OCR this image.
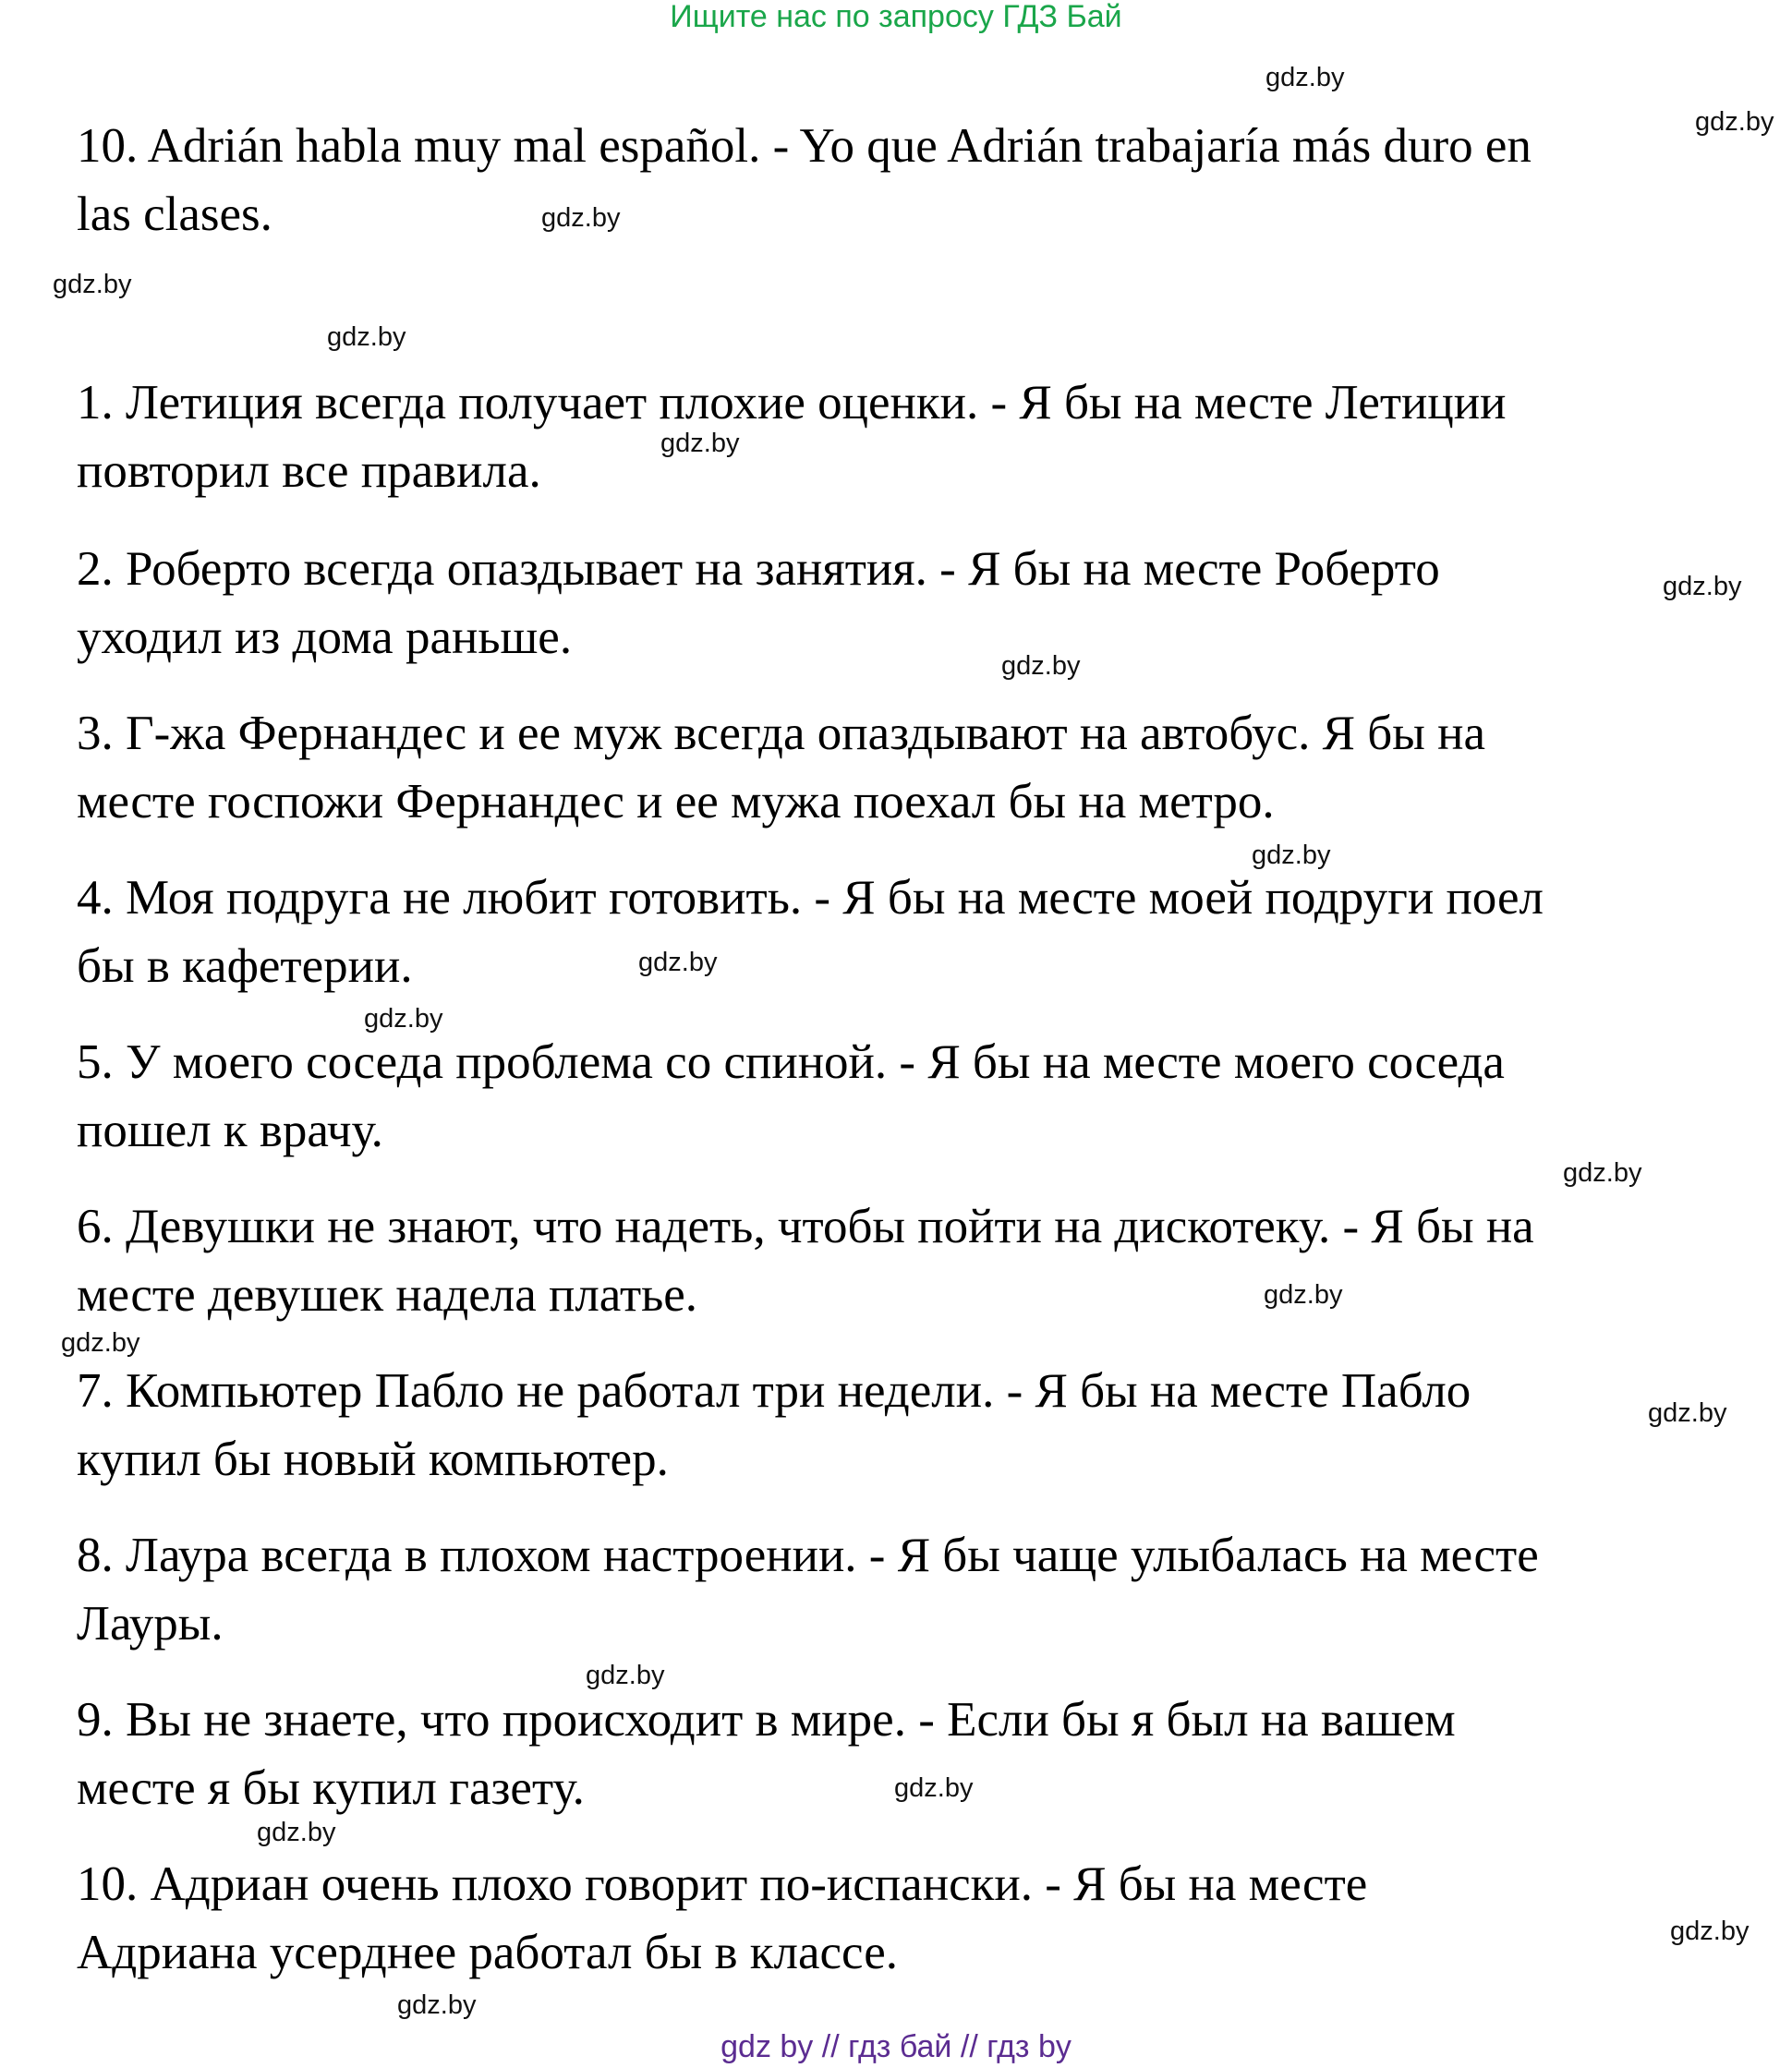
Ищите нас по запросу ГДЗ Бай
10. Adrián habla muy mal español. - Yo que Adrián trabajaría más duro en
las clases.
1. Летиция всегда получает плохие оценки. - Я бы на месте Летиции
повторил все правила.
2. Роберто всегда опаздывает на занятия. - Я бы на месте Роберто
уходил из дома раньше.
3. Г-жа Фернандес и ее муж всегда опаздывают на автобус. Я бы на
месте госпожи Фернандес и ее мужа поехал бы на метро.
4. Моя подруга не любит готовить. - Я бы на месте моей подруги поел
бы в кафетерии.
5. У моего соседа проблема со спиной. - Я бы на месте моего соседа
пошел к врачу.
6. Девушки не знают, что надеть, чтобы пойти на дискотеку. - Я бы на
месте девушек надела платье.
7. Компьютер Пабло не работал три недели. - Я бы на месте Пабло
купил бы новый компьютер.
8. Лаура всегда в плохом настроении. - Я бы чаще улыбалась на месте
Лауры.
9. Вы не знаете, что происходит в мире. - Если бы я был на вашем
месте я бы купил газету.
10. Адриан очень плохо говорит по-испански. - Я бы на месте
Адриана усерднее работал бы в классе.
gdz.by
gdz.by
gdz.by
gdz.by
gdz.by
gdz.by
gdz.by
gdz.by
gdz.by
gdz.by
gdz.by
gdz.by
gdz.by
gdz.by
gdz.by
gdz.by
gdz.by
gdz.by
gdz.by
gdz.by
gdz by // гдз бай // гдз by
